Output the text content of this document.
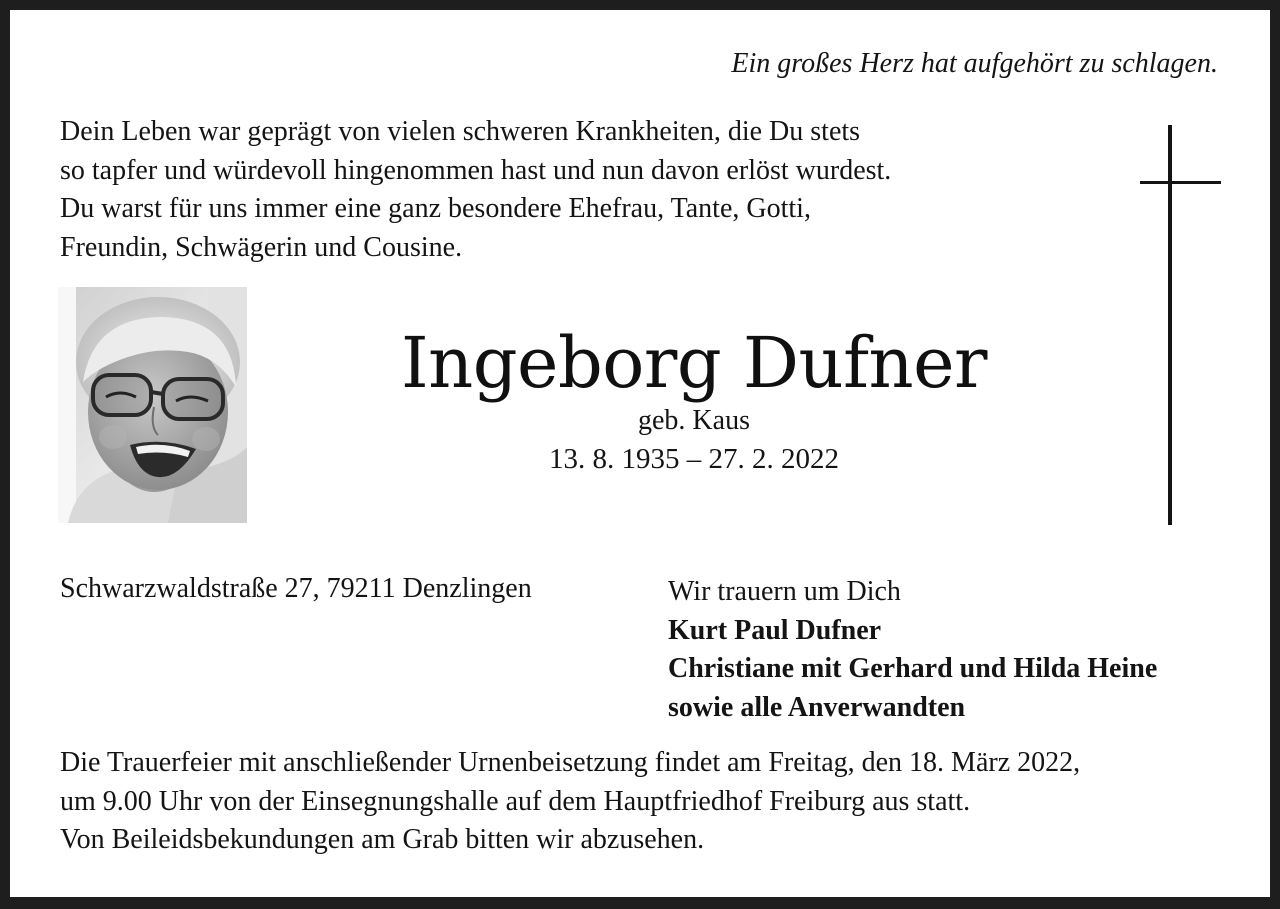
Ein großes Herz hat aufgehört zu schlagen.
Dein Leben war geprägt von vielen schweren Krankheiten, die Du stets
so tapfer und würdevoll hingenommen hast und nun davon erlöst wurdest.
Du warst für uns immer eine ganz besondere Ehefrau, Tante, Gotti,
Freundin, Schwägerin und Cousine.
Ingeborg Dufner
geb. Kaus
13. 8. 1935 – 27. 2. 2022
Schwarzwaldstraße 27, 79211 Denzlingen	Wir trauern um Dich
Kurt Paul Dufner
Christiane mit Gerhard und Hilda Heine
sowie alle Anverwandten
Die Trauerfeier mit anschließender Urnenbeisetzung findet am Freitag, den 18. März 2022,
um 9.00 Uhr von der Einsegnungshalle auf dem Hauptfriedhof Freiburg aus statt.
Von Beileidsbekundungen am Grab bitten wir abzusehen.
